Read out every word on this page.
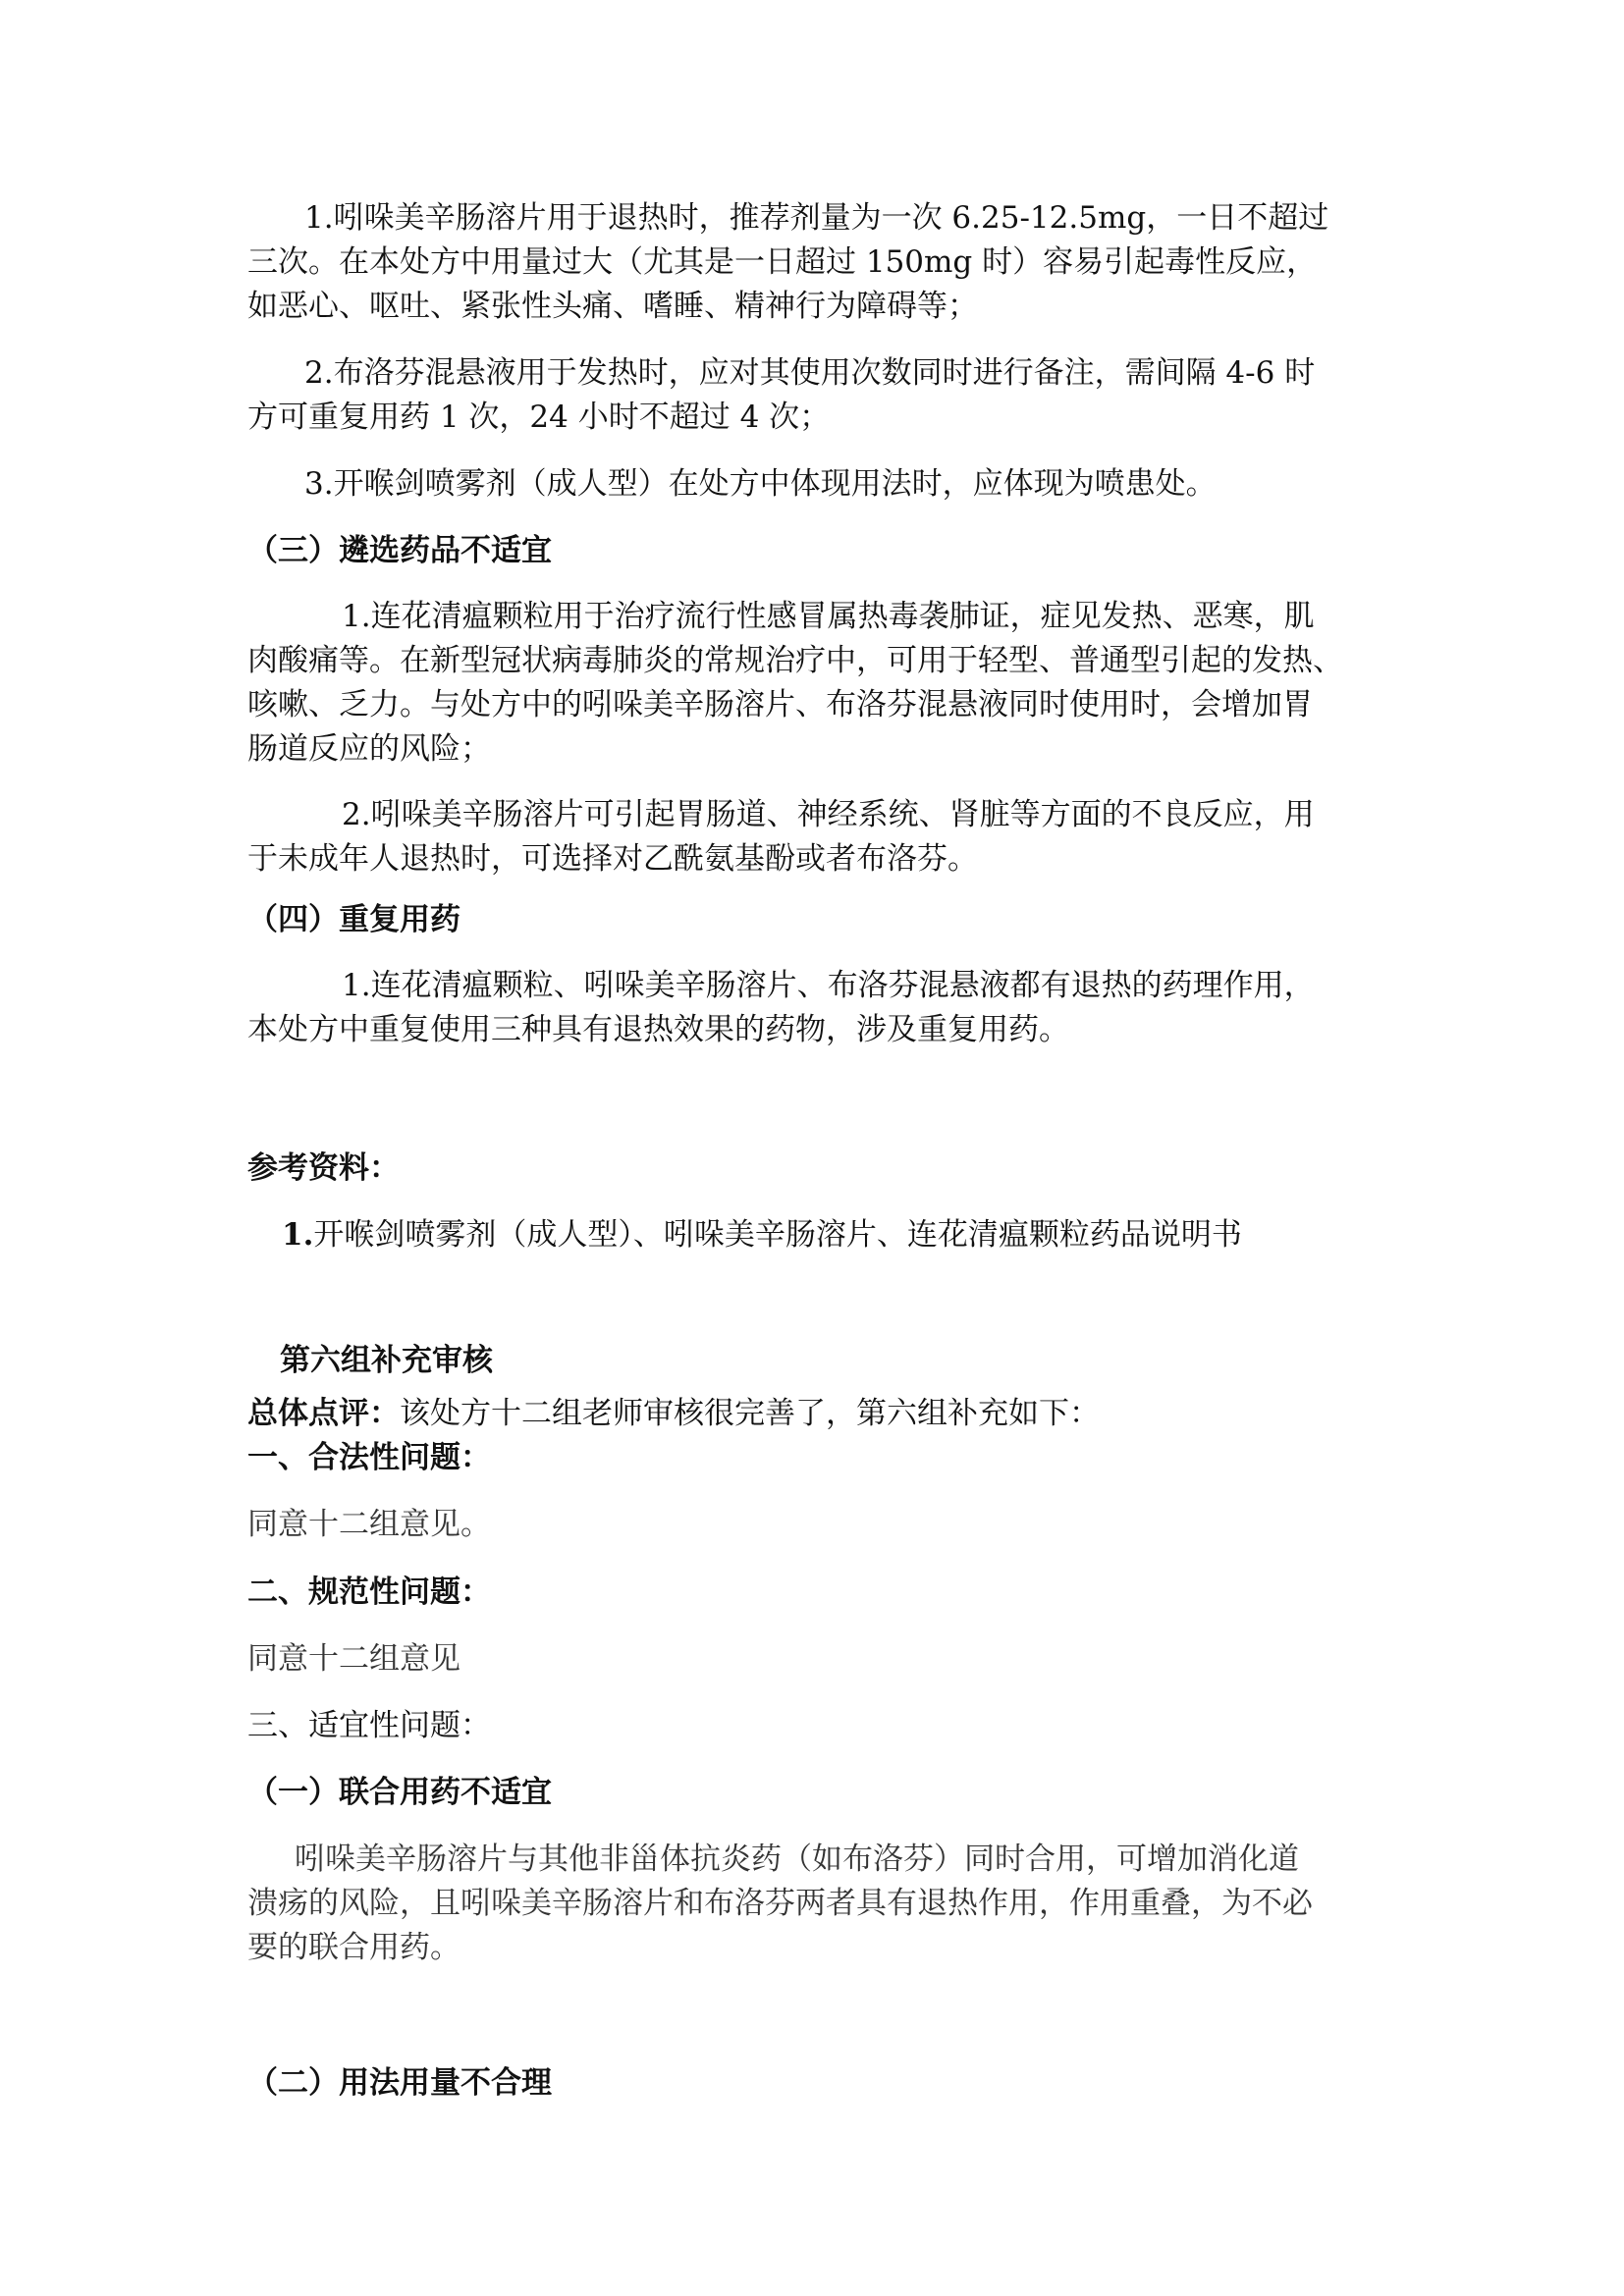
1.吲哚美辛肠溶片用于退热时，推荐剂量为一次 6.25-12.5mg，一日不超过
三次。在本处方中用量过大（尤其是一日超过 150mg 时）容易引起毒性反应，
如恶心、呕吐、紧张性头痛、嗜睡、精神行为障碍等；
2.布洛芬混悬液用于发热时，应对其使用次数同时进行备注，需间隔 4-6 时
方可重复用药 1 次，24 小时不超过 4 次；
3.开喉剑喷雾剂（成人型）在处方中体现用法时，应体现为喷患处。
（三）遴选药品不适宜
1.连花清瘟颗粒用于治疗流行性感冒属热毒袭肺证，症见发热、恶寒，肌
肉酸痛等。在新型冠状病毒肺炎的常规治疗中，可用于轻型、普通型引起的发热、
咳嗽、乏力。与处方中的吲哚美辛肠溶片、布洛芬混悬液同时使用时，会增加胃
肠道反应的风险；
2.吲哚美辛肠溶片可引起胃肠道、神经系统、肾脏等方面的不良反应，用
于未成年人退热时，可选择对乙酰氨基酚或者布洛芬。
（四）重复用药
1.连花清瘟颗粒、吲哚美辛肠溶片、布洛芬混悬液都有退热的药理作用，
本处方中重复使用三种具有退热效果的药物，涉及重复用药。
参考资料：
1.开喉剑喷雾剂（成人型）、吲哚美辛肠溶片、连花清瘟颗粒药品说明书
第六组补充审核
总体点评：该处方十二组老师审核很完善了，第六组补充如下：
一、合法性问题：
同意十二组意见。
二、规范性问题：
同意十二组意见
三、适宜性问题：
（一）联合用药不适宜
吲哚美辛肠溶片与其他非甾体抗炎药（如布洛芬）同时合用，可增加消化道
溃疡的风险，且吲哚美辛肠溶片和布洛芬两者具有退热作用，作用重叠，为不必
要的联合用药。
（二）用法用量不合理
